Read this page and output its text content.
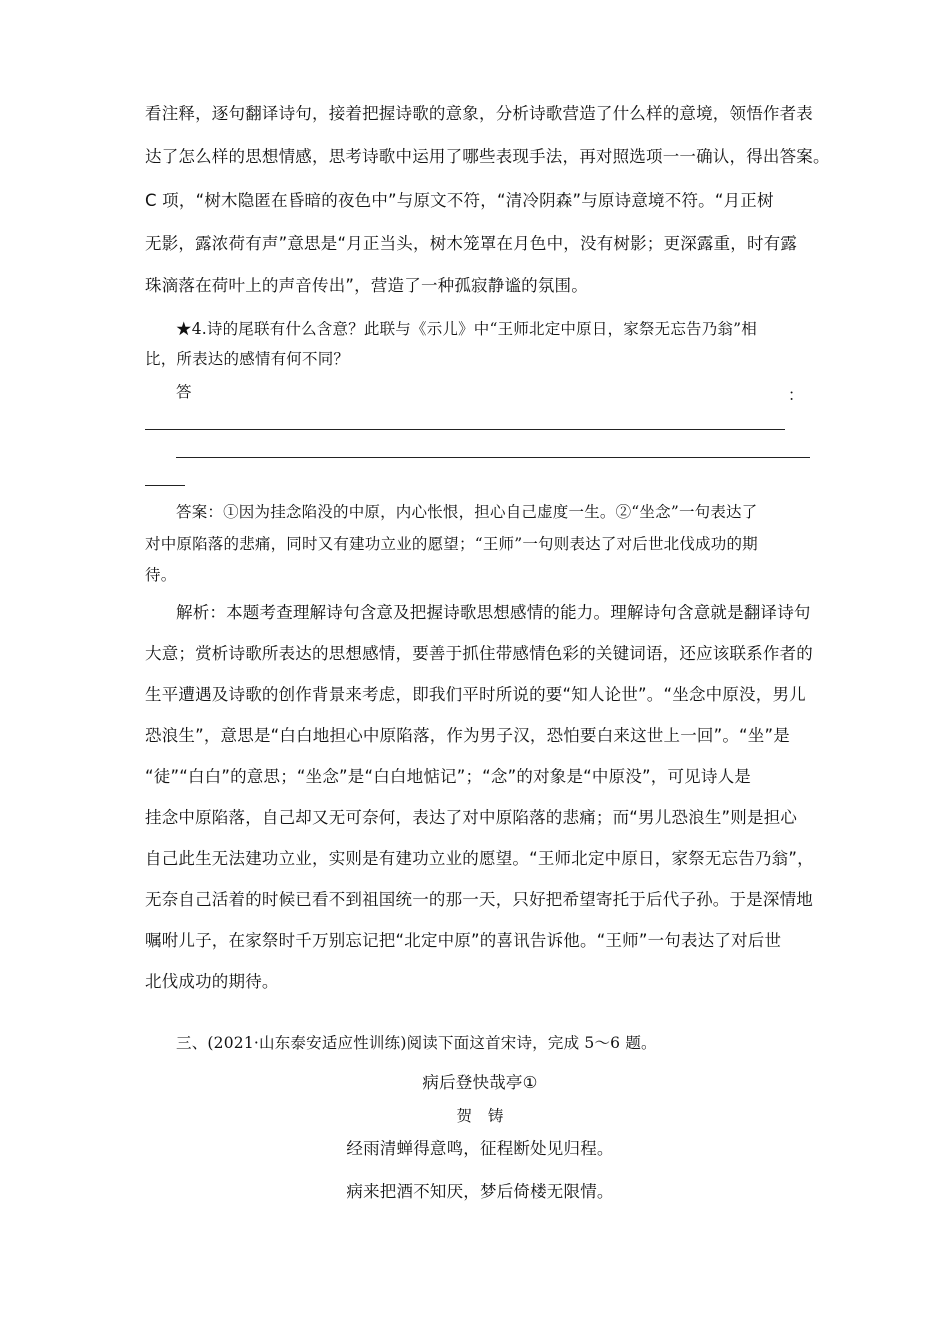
看注释，逐句翻译诗句，接着把握诗歌的意象，分析诗歌营造了什么样的意境，领悟作者表
达了怎么样的思想情感，思考诗歌中运用了哪些表现手法，再对照选项一一确认，得出答案。
C 项，“树木隐匿在昏暗的夜色中”与原文不符，“清冷阴森”与原诗意境不符。“月正树
无影，露浓荷有声”意思是“月正当头，树木笼罩在月色中，没有树影；更深露重，时有露
珠滴落在荷叶上的声音传出”，营造了一种孤寂静谧的氛围。
★4.诗的尾联有什么含意？此联与《示儿》中“王师北定中原日，家祭无忘告乃翁”相
比，所表达的感情有何不同？
答	：
答案：①因为挂念陷没的中原，内心怅恨，担心自己虚度一生。②“坐念”一句表达了
对中原陷落的悲痛，同时又有建功立业的愿望；“王师”一句则表达了对后世北伐成功的期
待。
解析：本题考查理解诗句含意及把握诗歌思想感情的能力。理解诗句含意就是翻译诗句
大意；赏析诗歌所表达的思想感情，要善于抓住带感情色彩的关键词语，还应该联系作者的
生平遭遇及诗歌的创作背景来考虑，即我们平时所说的要“知人论世”。“坐念中原没，男儿
恐浪生”，意思是“白白地担心中原陷落，作为男子汉，恐怕要白来这世上一回”。“坐”是
“徒”“白白”的意思；“坐念”是“白白地惦记”；“念”的对象是“中原没”，可见诗人是
挂念中原陷落，自己却又无可奈何，表达了对中原陷落的悲痛；而“男儿恐浪生”则是担心
自己此生无法建功立业，实则是有建功立业的愿望。“王师北定中原日，家祭无忘告乃翁”，
无奈自己活着的时候已看不到祖国统一的那一天，只好把希望寄托于后代子孙。于是深情地
嘱咐儿子，在家祭时千万别忘记把“北定中原”的喜讯告诉他。“王师”一句表达了对后世
北伐成功的期待。
三、(2021·山东泰安适应性训练)阅读下面这首宋诗，完成 5～6 题。
病后登快哉亭①
贺　铸
经雨清蝉得意鸣，征程断处见归程。
病来把酒不知厌，梦后倚楼无限情。
